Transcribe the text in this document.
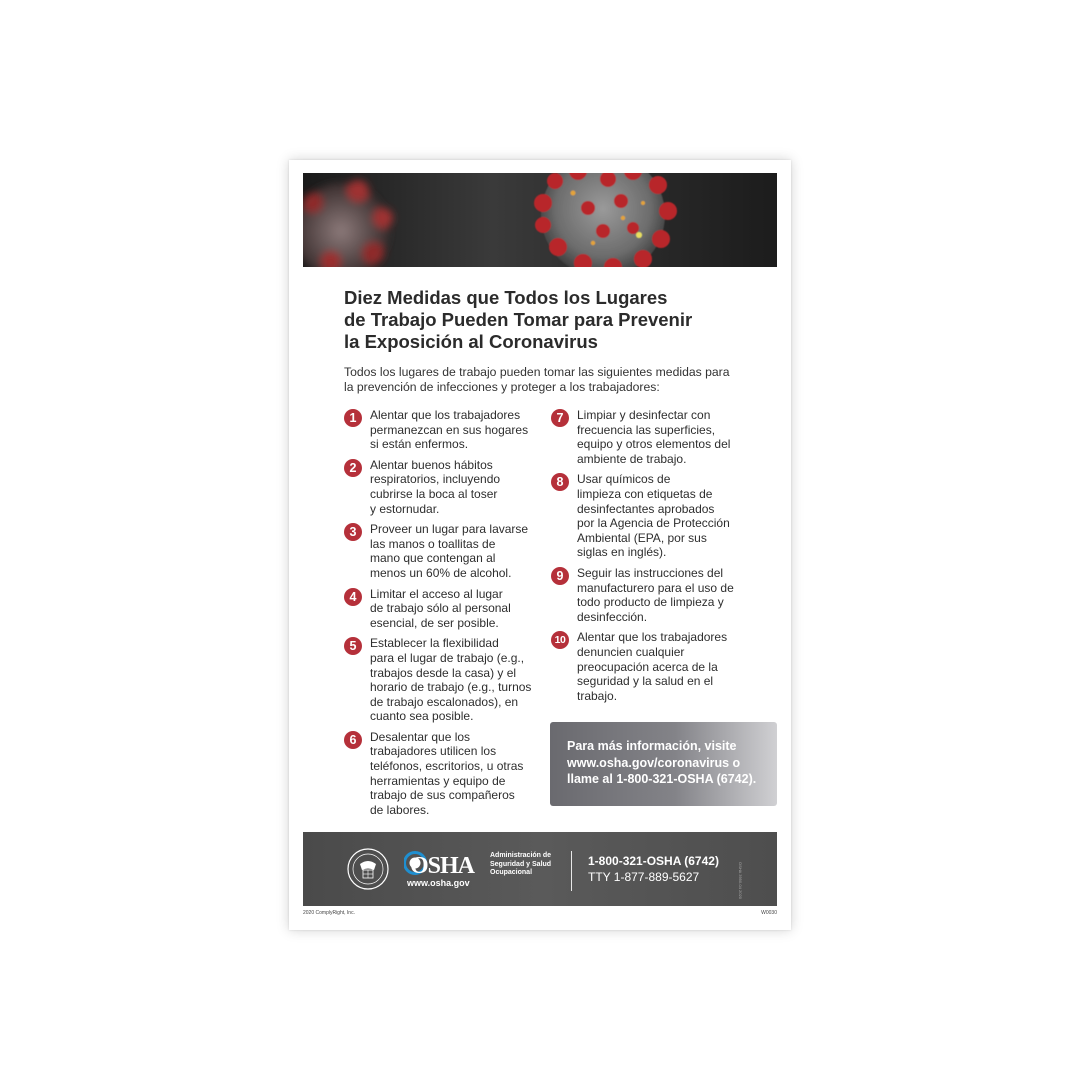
Diez Medidas que Todos los Lugares
de Trabajo Pueden Tomar para Prevenir
la Exposición al Coronavirus
Todos los lugares de trabajo pueden tomar las siguientes medidas para
la prevención de infecciones y proteger a los trabajadores:
1	Alentar que los trabajadores
permanezcan en sus hogares
si están enfermos.
2	Alentar buenos hábitos
respiratorios, incluyendo
cubrirse la boca al toser
y estornudar.
3	Proveer un lugar para lavarse
las manos o toallitas de
mano que contengan al
menos un 60% de alcohol.
4	Limitar el acceso al lugar
de trabajo sólo al personal
esencial, de ser posible.
5	Establecer la flexibilidad
para el lugar de trabajo (e.g.,
trabajos desde la casa) y el
horario de trabajo (e.g., turnos
de trabajo escalonados), en
cuanto sea posible.
6	Desalentar que los
trabajadores utilicen los
teléfonos, escritorios, u otras
herramientas y equipo de
trabajo de sus compañeros
de labores.
7	Limpiar y desinfectar con
frecuencia las superficies,
equipo y otros elementos del
ambiente de trabajo.
8	Usar químicos de
limpieza con etiquetas de
desinfectantes aprobados
por la Agencia de Protección
Ambiental (EPA, por sus
siglas en inglés).
9	Seguir las instrucciones del
manufacturero para el uso de
todo producto de limpieza y
desinfección.
10 Alentar que los trabajadores
denuncien cualquier
preocupación acerca de la
seguridad y la salud en el
trabajo.
Para más información, visite
www.osha.gov/coronavirus o
llame al 1-800-321-OSHA (6742).
OSHA
www.osha.gov
Administración de
Seguridad y Salud
Ocupacional
1-800-321-OSHA (6742)
TTY 1-877-889-5627	OSHA 3990-04 2020
2020 ComplyRight, Inc.	W0030
